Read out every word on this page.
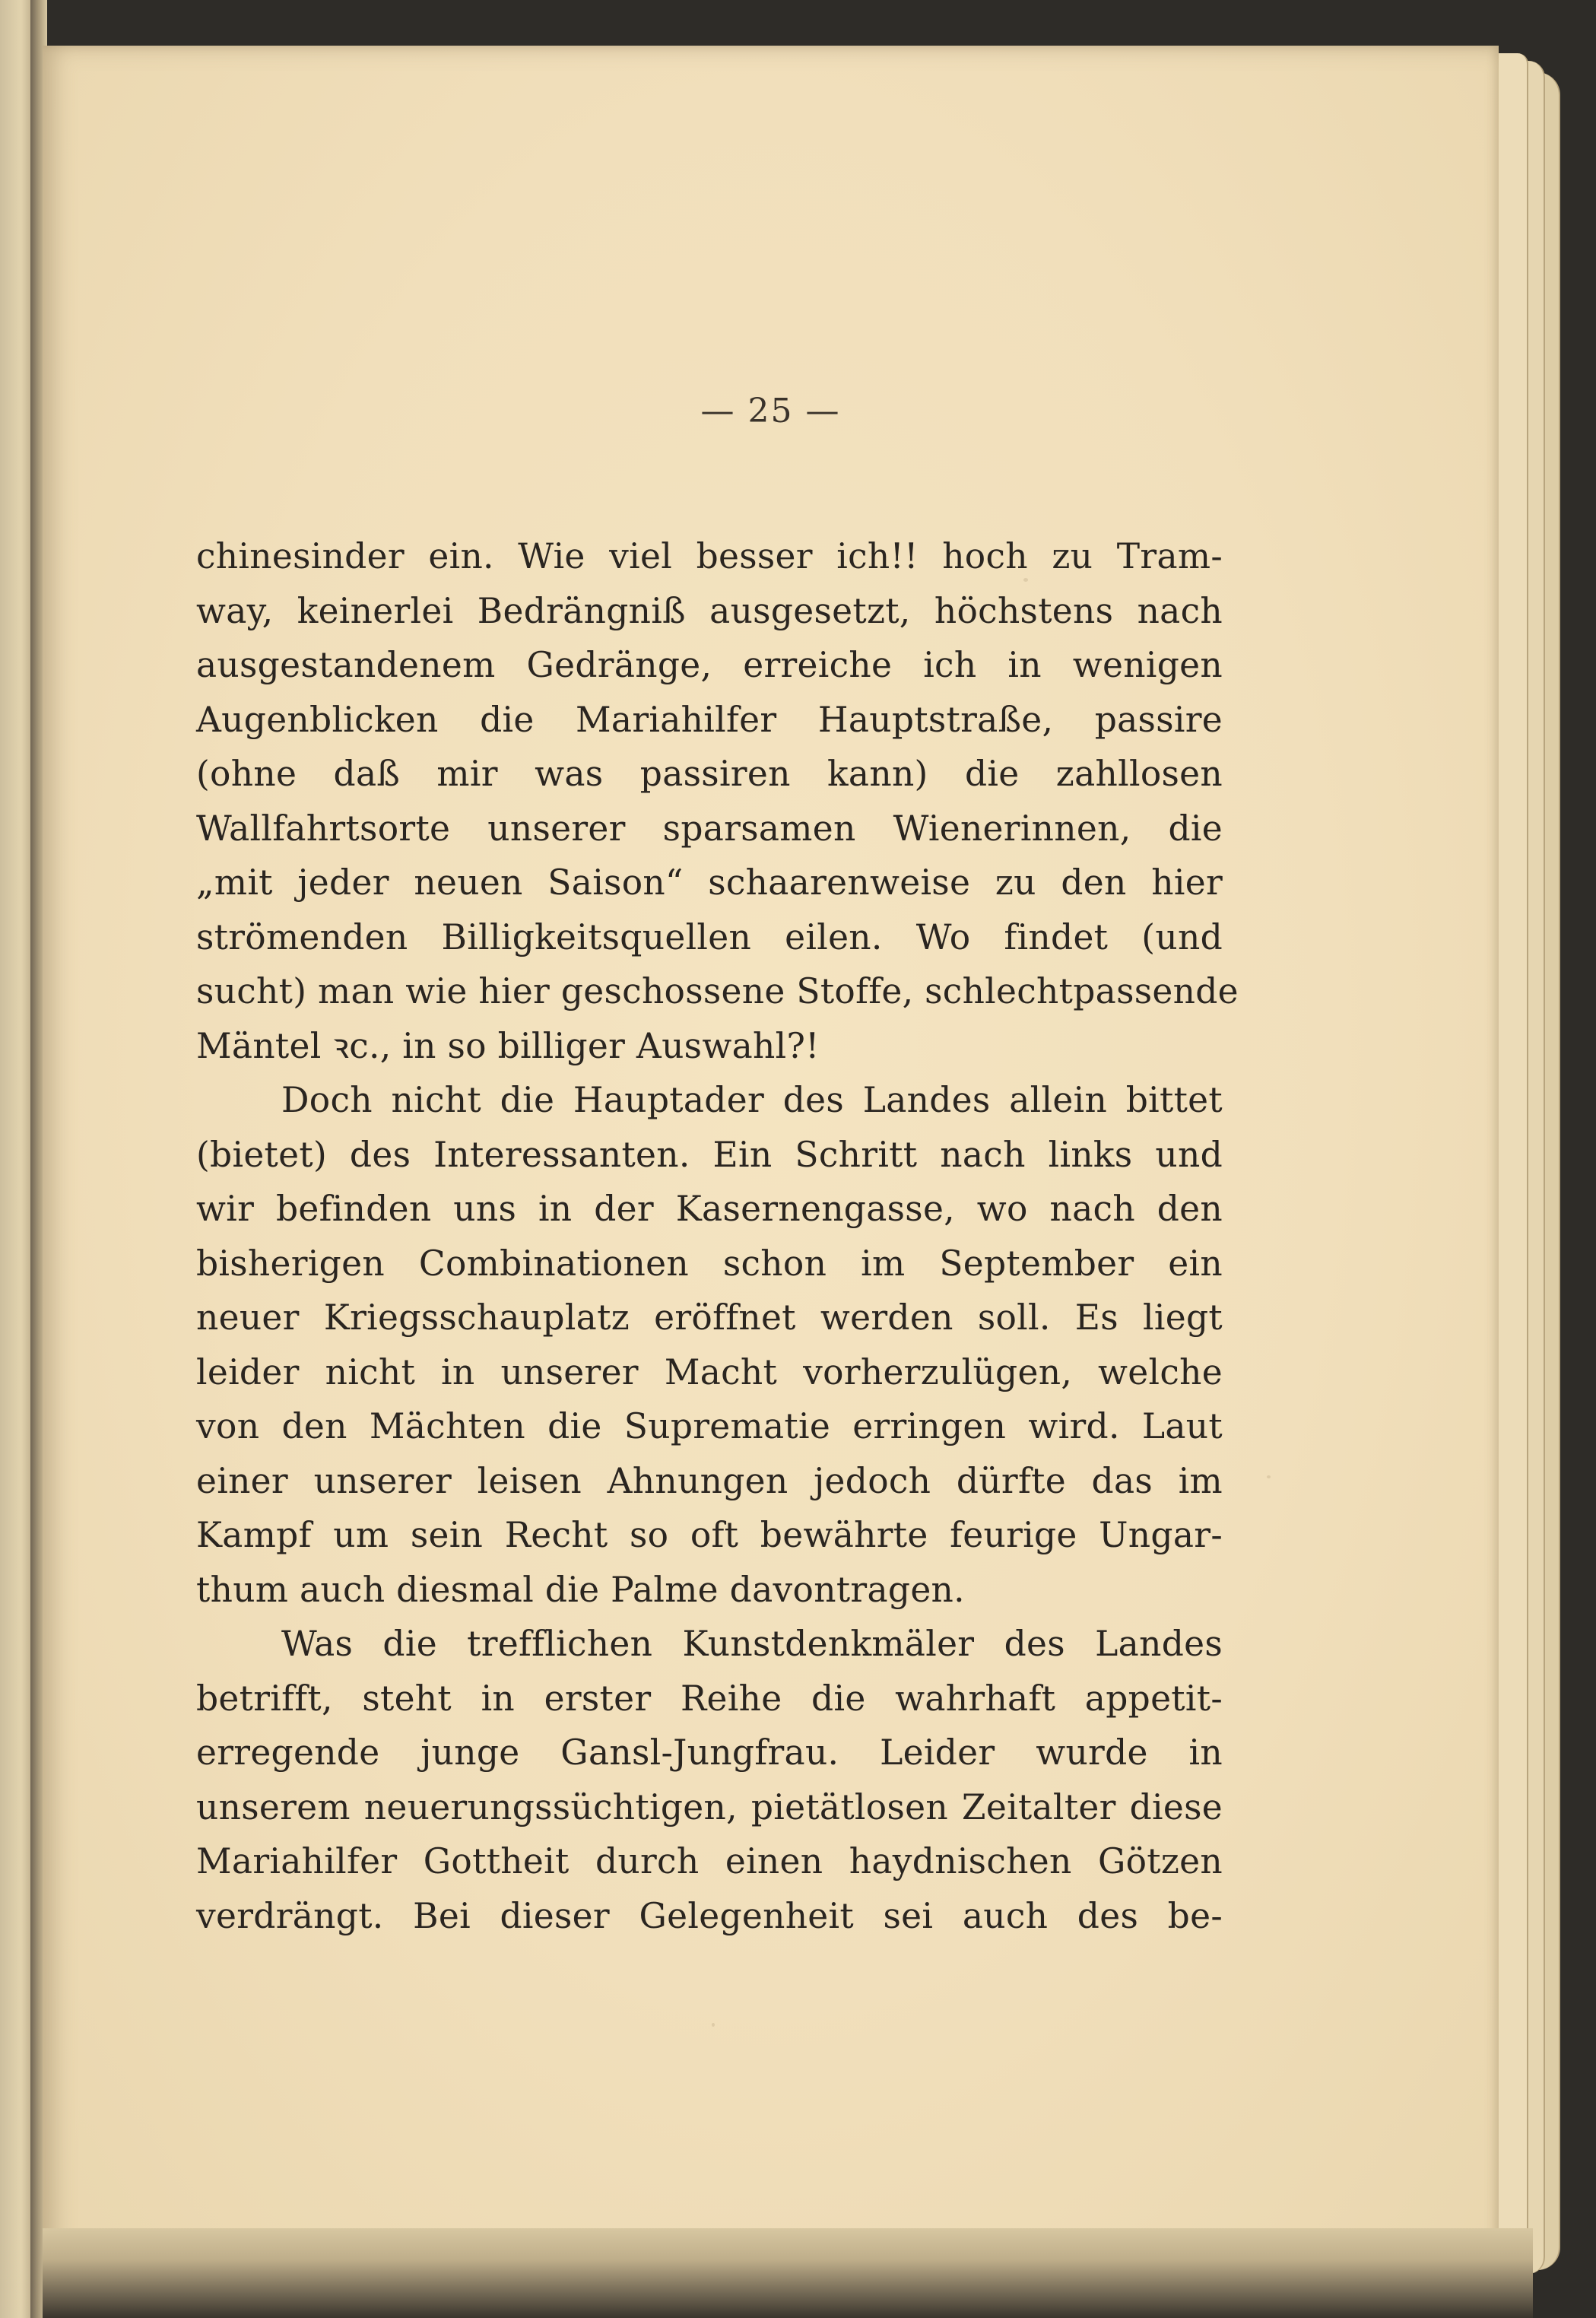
— 25 —
chinesinder ein. Wie viel besser ich!! hoch zu Tram-
way, keinerlei Bedrängniß ausgesetzt, höchstens nach
ausgestandenem Gedränge, erreiche ich in wenigen
Augenblicken die Mariahilfer Hauptstraße, passire
(ohne daß mir was passiren kann) die zahllosen
Wallfahrtsorte unserer sparsamen Wienerinnen, die
„mit jeder neuen Saison“ schaarenweise zu den hier
strömenden Billigkeitsquellen eilen. Wo findet (und
sucht) man wie hier geschossene Stoffe, schlechtpassende
Mäntel ꝛc., in so billiger Auswahl?!
Doch nicht die Hauptader des Landes allein bittet
(bietet) des Interessanten. Ein Schritt nach links und
wir befinden uns in der Kasernengasse, wo nach den
bisherigen Combinationen schon im September ein
neuer Kriegsschauplatz eröffnet werden soll. Es liegt
leider nicht in unserer Macht vorherzulügen, welche
von den Mächten die Suprematie erringen wird. Laut
einer unserer leisen Ahnungen jedoch dürfte das im
Kampf um sein Recht so oft bewährte feurige Ungar-
thum auch diesmal die Palme davontragen.
Was die trefflichen Kunstdenkmäler des Landes
betrifft, steht in erster Reihe die wahrhaft appetit-
erregende junge Gansl-Jungfrau. Leider wurde in
unserem neuerungssüchtigen, pietätlosen Zeitalter diese
Mariahilfer Gottheit durch einen haydnischen Götzen
verdrängt. Bei dieser Gelegenheit sei auch des be-
